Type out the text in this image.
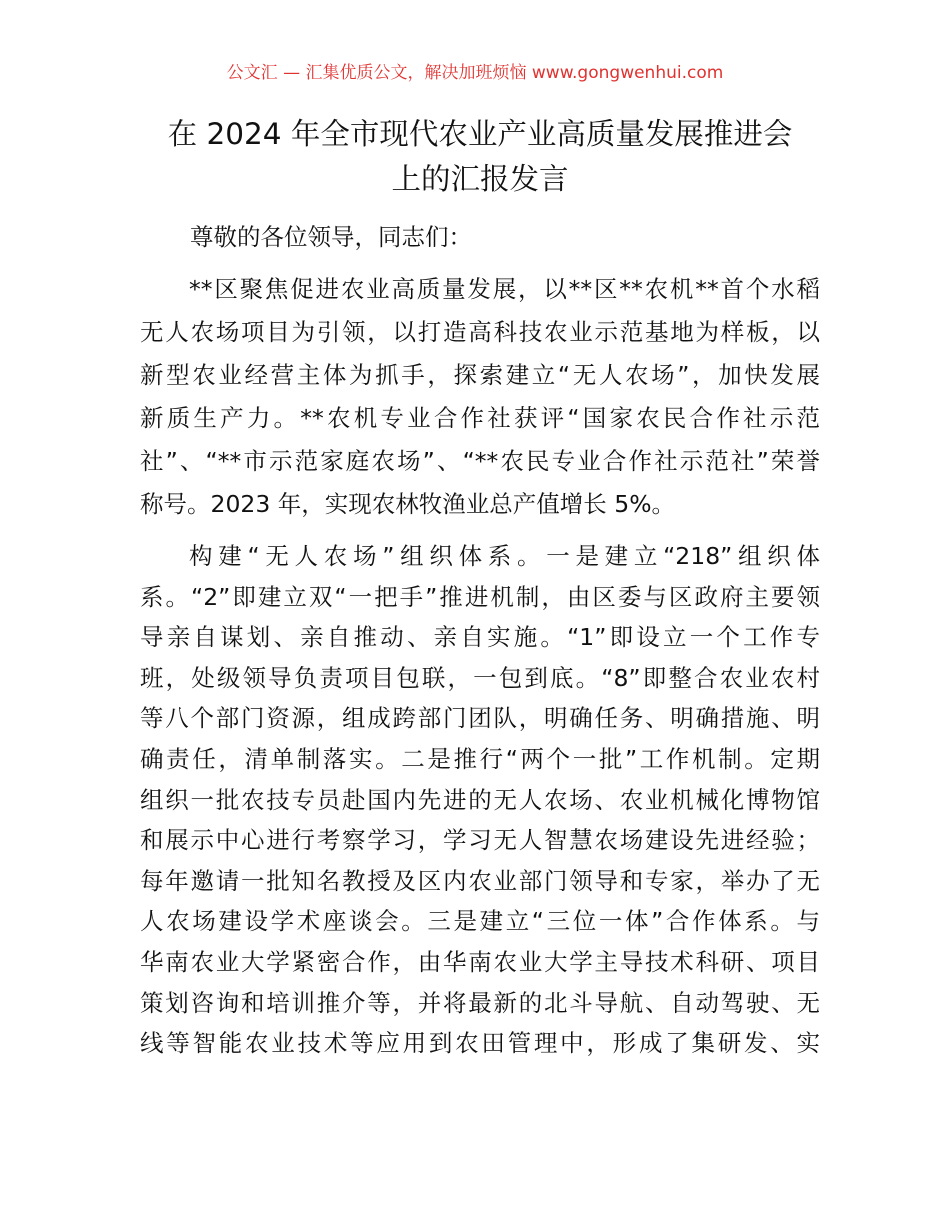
公文汇 — 汇集优质公文，解决加班烦恼 www.gongwenhui.com
在 2024 年全市现代农业产业高质量发展推进会
上的汇报发言
尊敬的各位领导，同志们：
**区聚焦促进农业高质量发展，以**区**农机**首个水稻
无人农场项目为引领，以打造高科技农业示范基地为样板，以
新型农业经营主体为抓手，探索建立“无人农场”，加快发展
新质生产力。**农机专业合作社获评“国家农民合作社示范
社”、“**市示范家庭农场”、“**农民专业合作社示范社”荣誉
称号。2023 年，实现农林牧渔业总产值增长 5%。
构建“无人农场”组织体系。一是建立“218”组织体
系。“2”即建立双“一把手”推进机制，由区委与区政府主要领
导亲自谋划、亲自推动、亲自实施。“1”即设立一个工作专
班，处级领导负责项目包联，一包到底。“8”即整合农业农村
等八个部门资源，组成跨部门团队，明确任务、明确措施、明
确责任，清单制落实。二是推行“两个一批”工作机制。定期
组织一批农技专员赴国内先进的无人农场、农业机械化博物馆
和展示中心进行考察学习，学习无人智慧农场建设先进经验；
每年邀请一批知名教授及区内农业部门领导和专家，举办了无
人农场建设学术座谈会。三是建立“三位一体”合作体系。与
华南农业大学紧密合作，由华南农业大学主导技术科研、项目
策划咨询和培训推介等，并将最新的北斗导航、自动驾驶、无
线等智能农业技术等应用到农田管理中，形成了集研发、实
